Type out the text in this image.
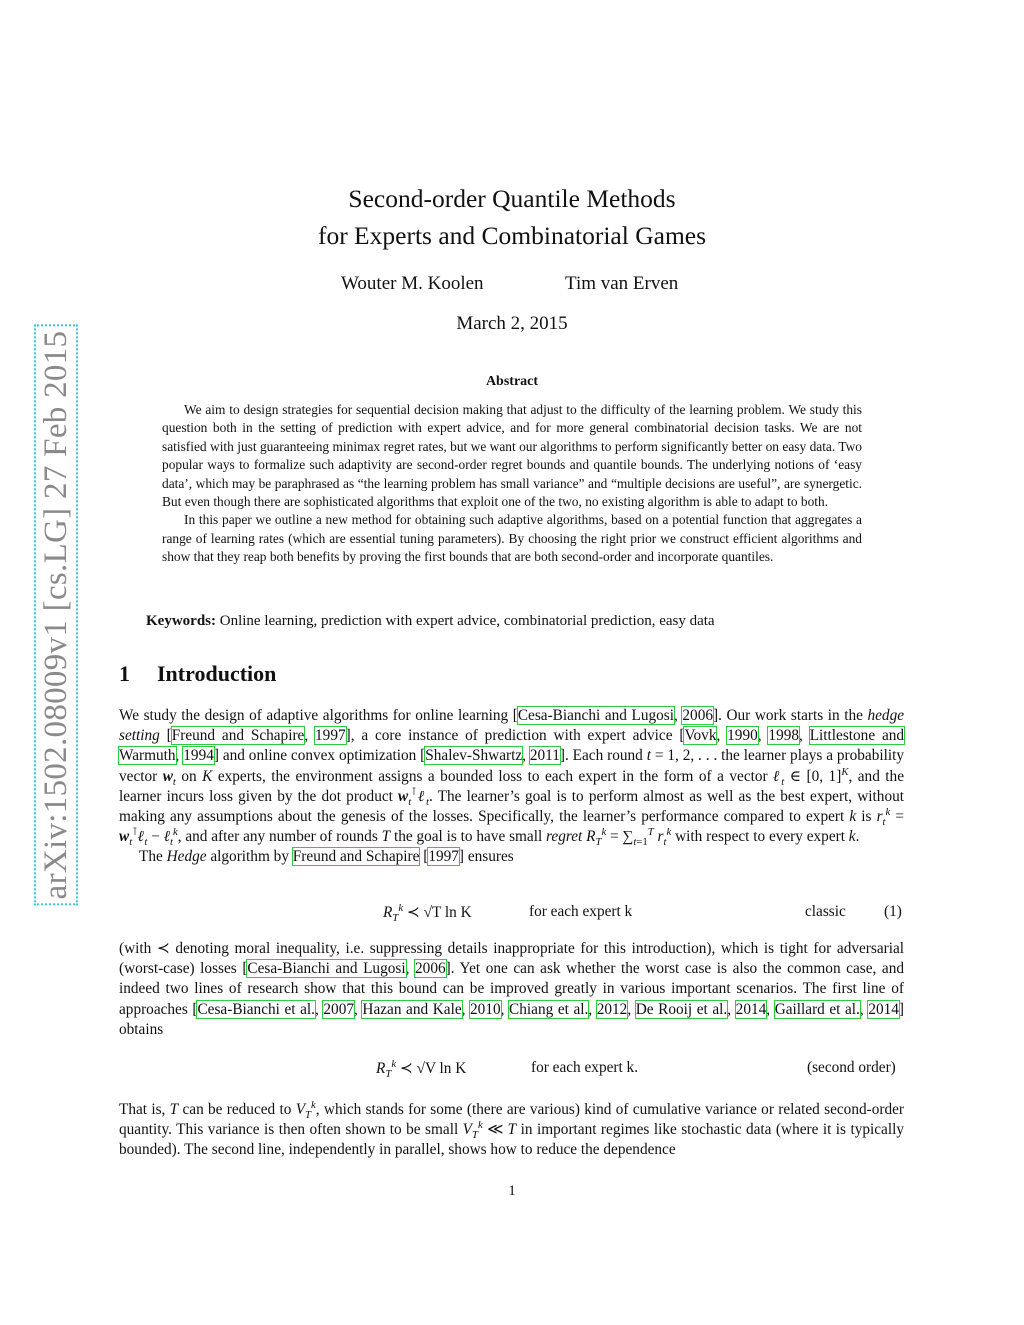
arXiv:1502.08009v1 [cs.LG] 27 Feb 2015
Second-order Quantile Methods
for Experts and Combinatorial Games
Wouter M. Koolen	Tim van Erven
March 2, 2015
Abstract

We aim to design strategies for sequential decision making that adjust to the difficulty of the learning problem. We study this question both in the setting of prediction with expert advice, and for more general combinatorial decision tasks. We are not satisfied with just guaranteeing minimax regret rates, but we want our algorithms to perform significantly better on easy data. Two popular ways to formalize such adaptivity are second-order regret bounds and quantile bounds. The underlying notions of ‘easy data’, which may be paraphrased as “the learning problem has small variance” and “multiple decisions are useful”, are synergetic. But even though there are sophisticated algorithms that exploit one of the two, no existing algorithm is able to adapt to both.

In this paper we outline a new method for obtaining such adaptive algorithms, based on a potential function that aggregates a range of learning rates (which are essential tuning parameters). By choosing the right prior we construct efficient algorithms and show that they reap both benefits by proving the first bounds that are both second-order and incorporate quantiles.

Keywords: Online learning, prediction with expert advice, combinatorial prediction, easy data
1 Introduction

We study the design of adaptive algorithms for online learning [Cesa-Bianchi and Lugosi, 2006]. Our work starts in the hedge setting [Freund and Schapire, 1997], a core instance of prediction with expert advice [Vovk, 1990, 1998, Littlestone and Warmuth, 1994] and online convex optimization [Shalev-Shwartz, 2011]. Each round t = 1, 2, . . . the learner plays a probability vector $w_t$ on K experts, the environment assigns a bounded loss to each expert in the form of a vector ℓ$_t$ ∈ [0, 1]$^K$, and the learner incurs loss given by the dot product $w_t^⊺\ell_t$. The learner’s goal is to perform almost as well as the best expert, without making any assumptions about the genesis of the losses. Specifically, the learner’s performance compared to expert k is $r_t^k$ = $w_t^⊺\ell_t$ − ℓ$_t^k$, and after any number of rounds T the goal is to have small regret $R_T^k = \sum_{t=1}^T$ $r_t^k$ with respect to every expert k.

The Hedge algorithm by Freund and Schapire [1997] ensures

$R_T^k$ ≺ √T ln K	for each expert k	classic (1)

(with ≺ denoting moral inequality, i.e. suppressing details inappropriate for this introduction), which is tight for adversarial (worst-case) losses [Cesa-Bianchi and Lugosi, 2006]. Yet one can ask whether the worst case is also the common case, and indeed two lines of research show that this bound can be improved greatly in various important scenarios. The first line of approaches [Cesa-Bianchi et al., 2007, Hazan and Kale, 2010, Chiang et al., 2012, De Rooij et al., 2014, Gaillard et al., 2014] obtains

$R_T^k$ ≺ √V ln K	for each expert k.	(second order)

That is, T can be reduced to $V_T^k$, which stands for some (there are various) kind of cumulative variance or related second-order quantity. This variance is then often shown to be small $V_T^k$ ≪ T in important regimes like stochastic data (where it is typically bounded). The second line, independently in parallel, shows how to reduce the dependence

1
